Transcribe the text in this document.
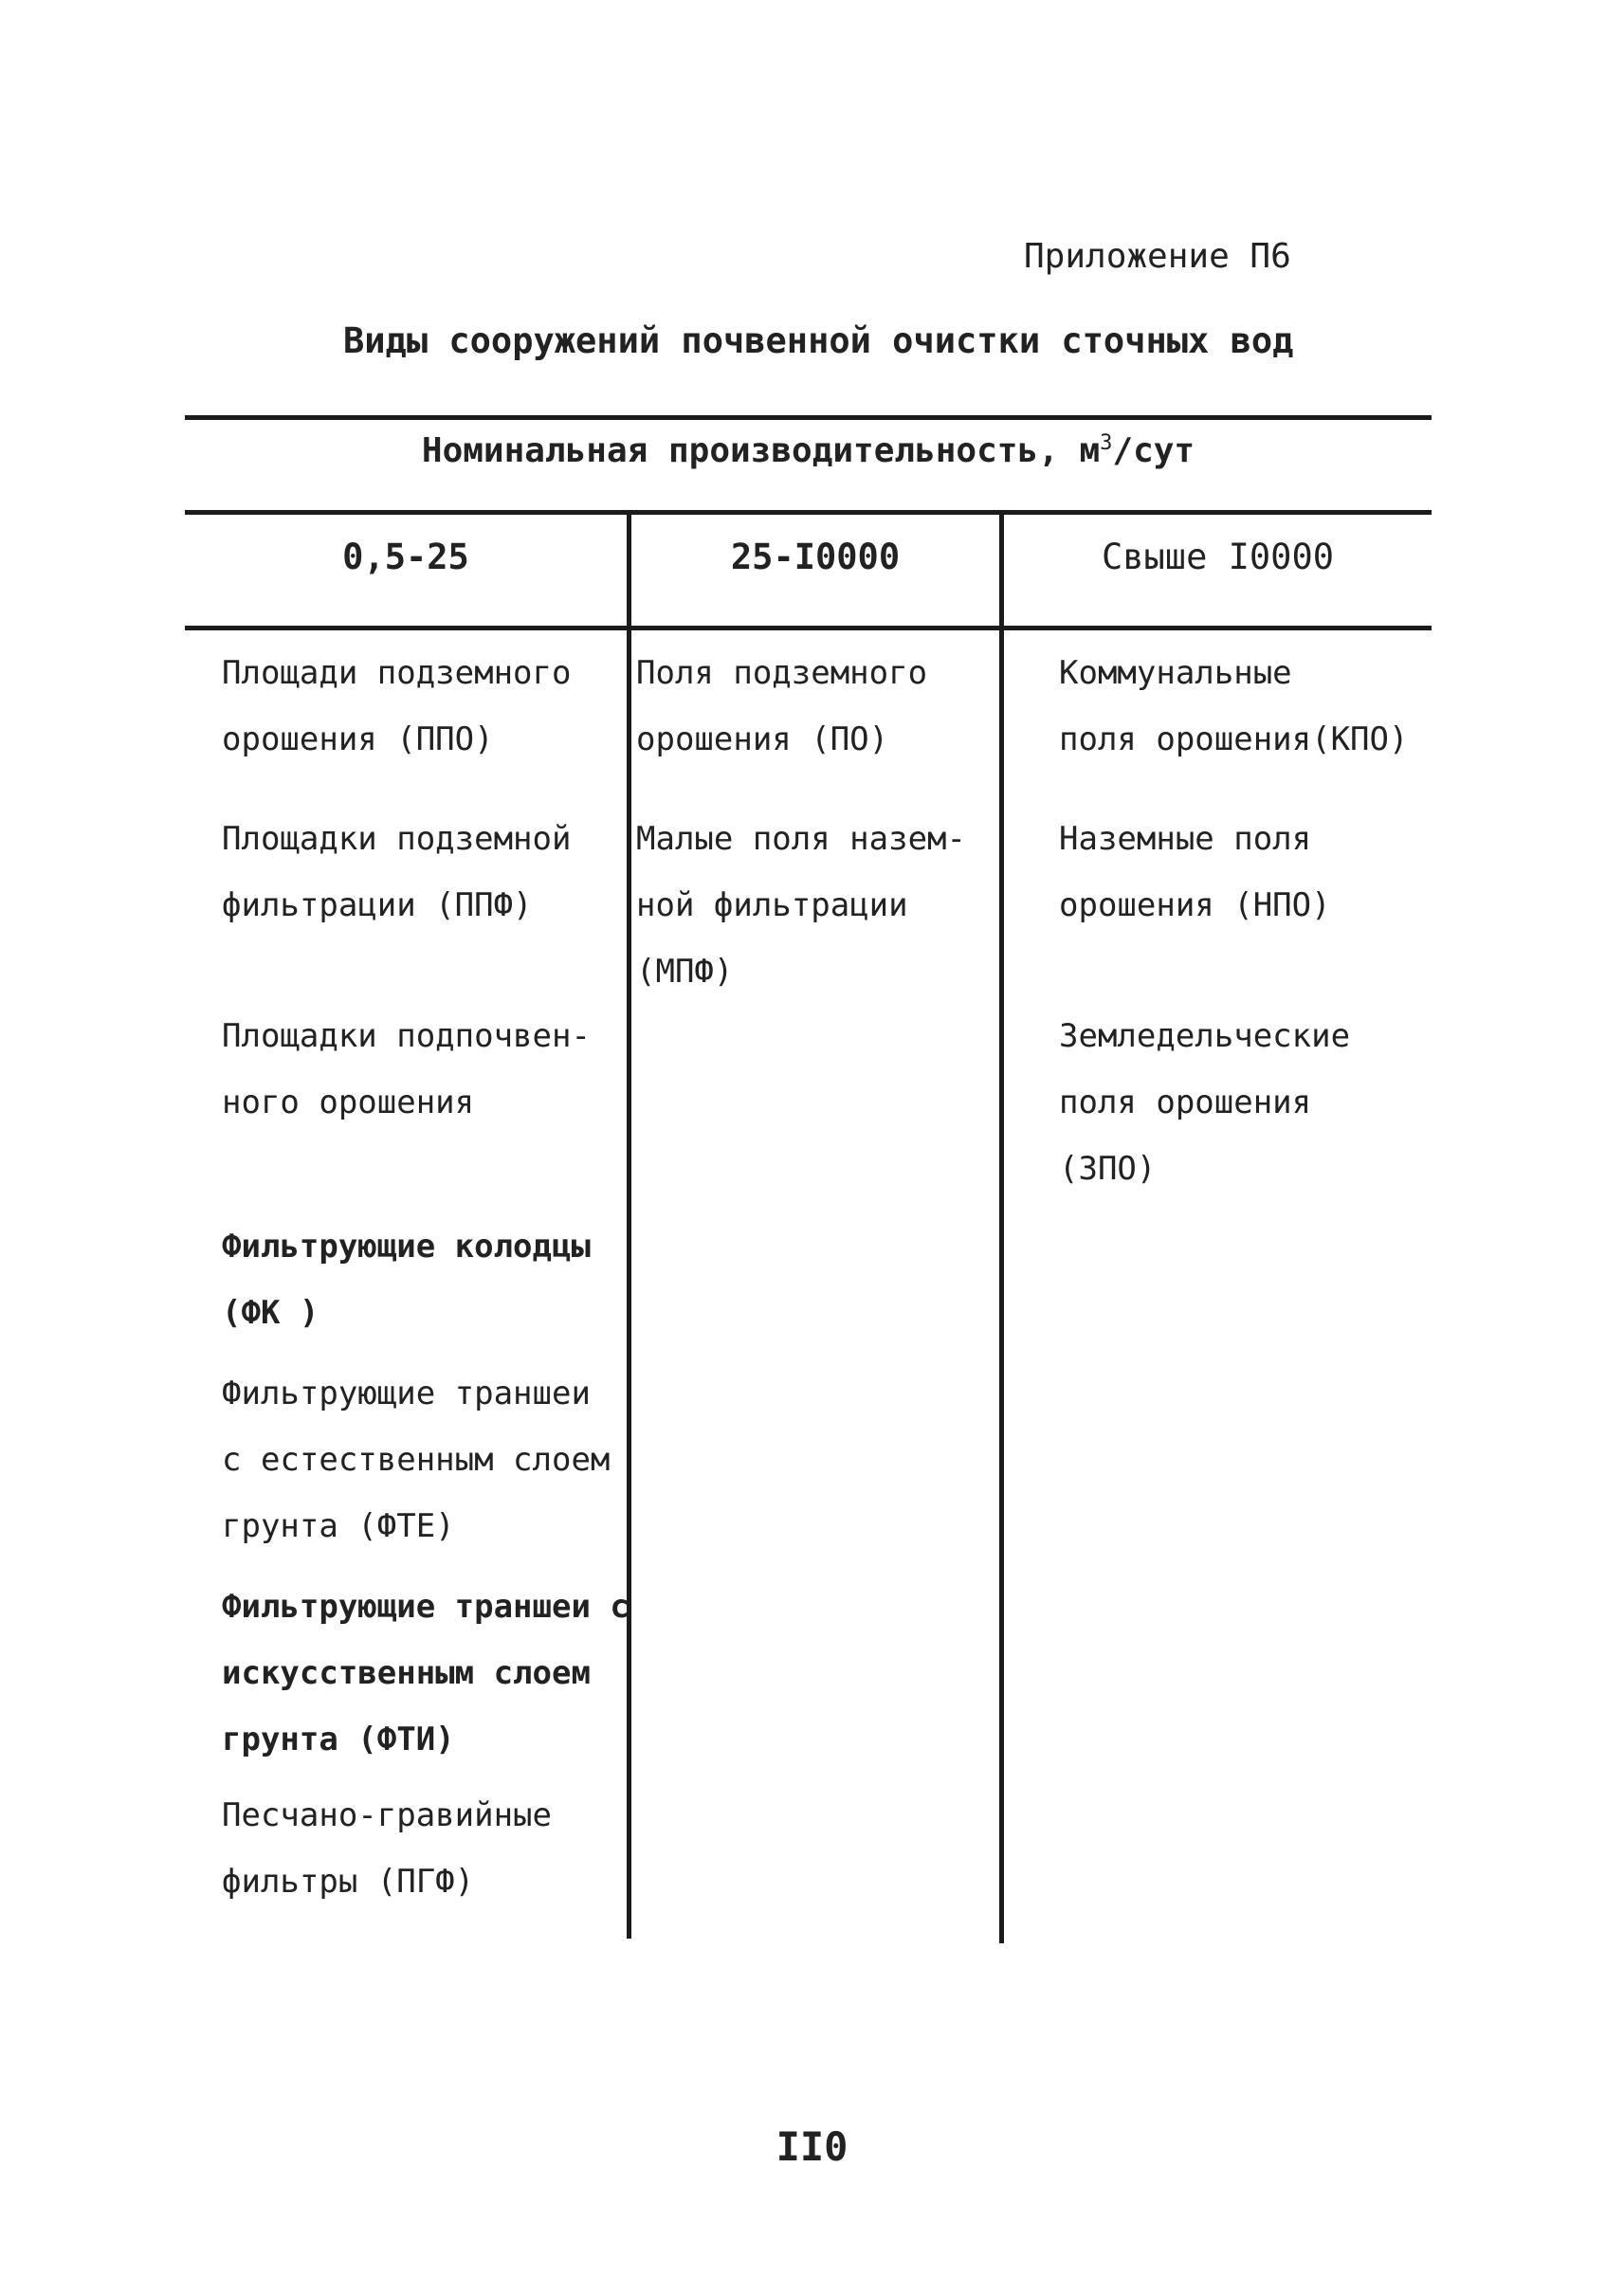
Приложение П6
Виды сооружений почвенной очистки сточных вод
Номинальная производительность, $м^3$/сут
0,5-25	25-I0000	Свыше I0000
Площади подземного
орошения (ППО)
Площадки подземной
фильтрации (ППФ)
Площадки подпочвен-
ного орошения
Фильтрующие колодцы
(ФК )
Фильтрующие траншеи
с естественным слоем
грунта (ФТЕ)
Фильтрующие траншеи с
искусственным слоем
грунта (ФТИ)
Песчано-гравийные
фильтры (ПГФ)
Поля подземного
орошения (ПО)
Малые поля назем-
ной фильтрации
(МПФ)
Коммунальные
поля орошения(КПО)
Наземные поля
орошения (НПО)
Земледельческие
поля орошения
(ЗПО)
II0
